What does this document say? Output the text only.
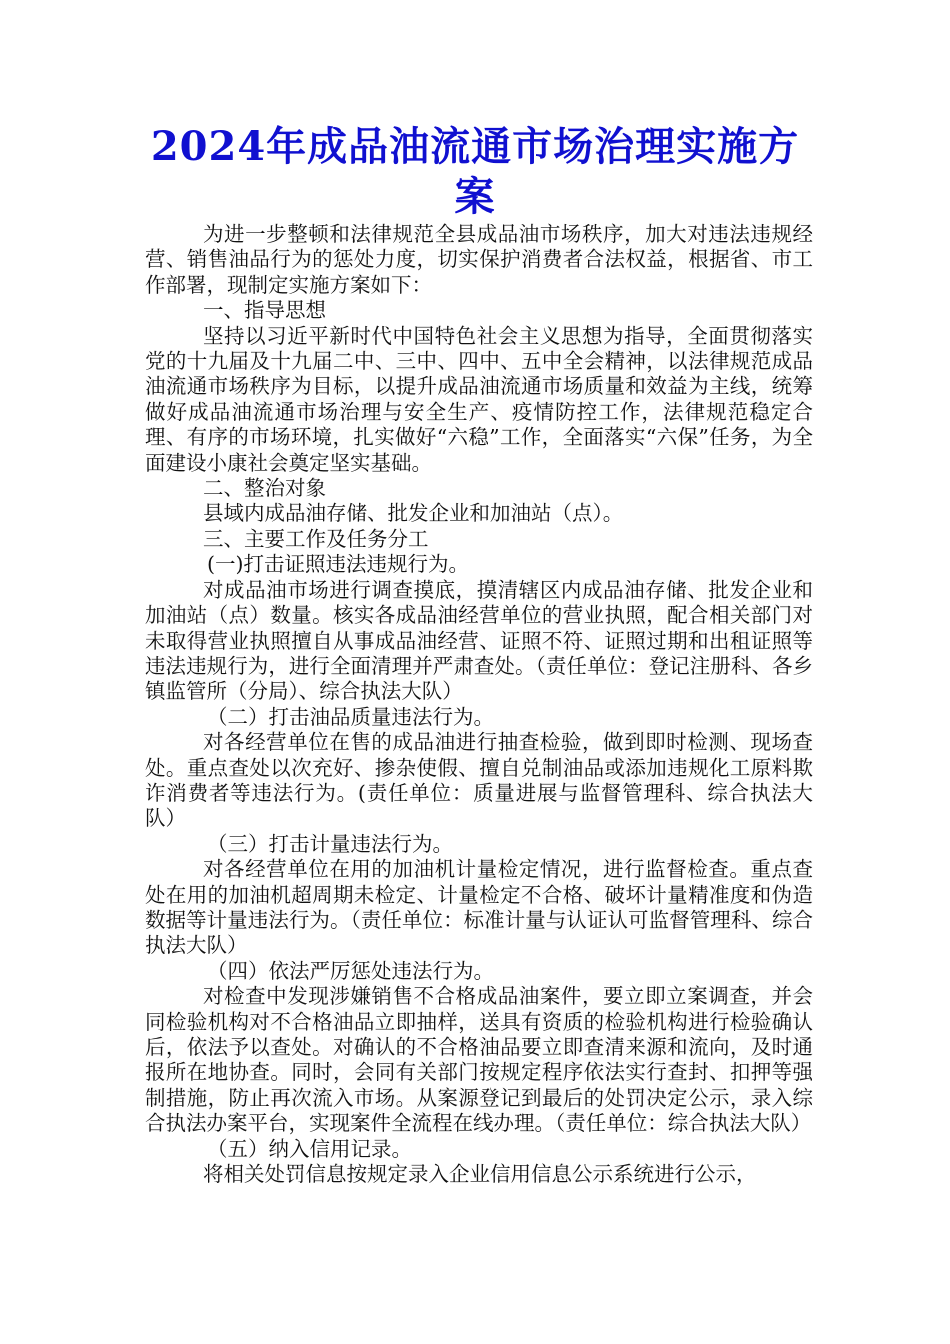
2024年成品油流通市场治理实施方案

为进一步整顿和法律规范全县成品油市场秩序，加大对违法违规经营、销售油品行为的惩处力度，切实保护消费者合法权益，根据省、市工作部署，现制定实施方案如下：

一、指导思想

坚持以习近平新时代中国特色社会主义思想为指导，全面贯彻落实党的十九届及十九届二中、三中、四中、五中全会精神，以法律规范成品油流通市场秩序为目标，以提升成品油流通市场质量和效益为主线，统筹做好成品油流通市场治理与安全生产、疫情防控工作，法律规范稳定合理、有序的市场环境，扎实做好“六稳”工作，全面落实“六保”任务，为全面建设小康社会奠定坚实基础。

二、整治对象

县域内成品油存储、批发企业和加油站（点）。

三、主要工作及任务分工

(一)打击证照违法违规行为。

对成品油市场进行调查摸底，摸清辖区内成品油存储、批发企业和加油站（点）数量。核实各成品油经营单位的营业执照，配合相关部门对未取得营业执照擅自从事成品油经营、证照不符、证照过期和出租证照等违法违规行为，进行全面清理并严肃查处。（责任单位：登记注册科、各乡镇监管所（分局）、综合执法大队）

（二）打击油品质量违法行为。

对各经营单位在售的成品油进行抽查检验，做到即时检测、现场查处。重点查处以次充好、掺杂使假、擅自兑制油品或添加违规化工原料欺诈消费者等违法行为。(责任单位：质量进展与监督管理科、综合执法大队）

（三）打击计量违法行为。

对各经营单位在用的加油机计量检定情况，进行监督检查。重点查处在用的加油机超周期未检定、计量检定不合格、破坏计量精准度和伪造数据等计量违法行为。（责任单位：标准计量与认证认可监督管理科、综合执法大队）

（四）依法严厉惩处违法行为。

对检查中发现涉嫌销售不合格成品油案件，要立即立案调查，并会同检验机构对不合格油品立即抽样，送具有资质的检验机构进行检验确认后，依法予以查处。对确认的不合格油品要立即查清来源和流向，及时通报所在地协查。同时，会同有关部门按规定程序依法实行查封、扣押等强制措施，防止再次流入市场。从案源登记到最后的处罚决定公示，录入综合执法办案平台，实现案件全流程在线办理。（责任单位：综合执法大队）

（五）纳入信用记录。

将相关处罚信息按规定录入企业信用信息公示系统进行公示，
